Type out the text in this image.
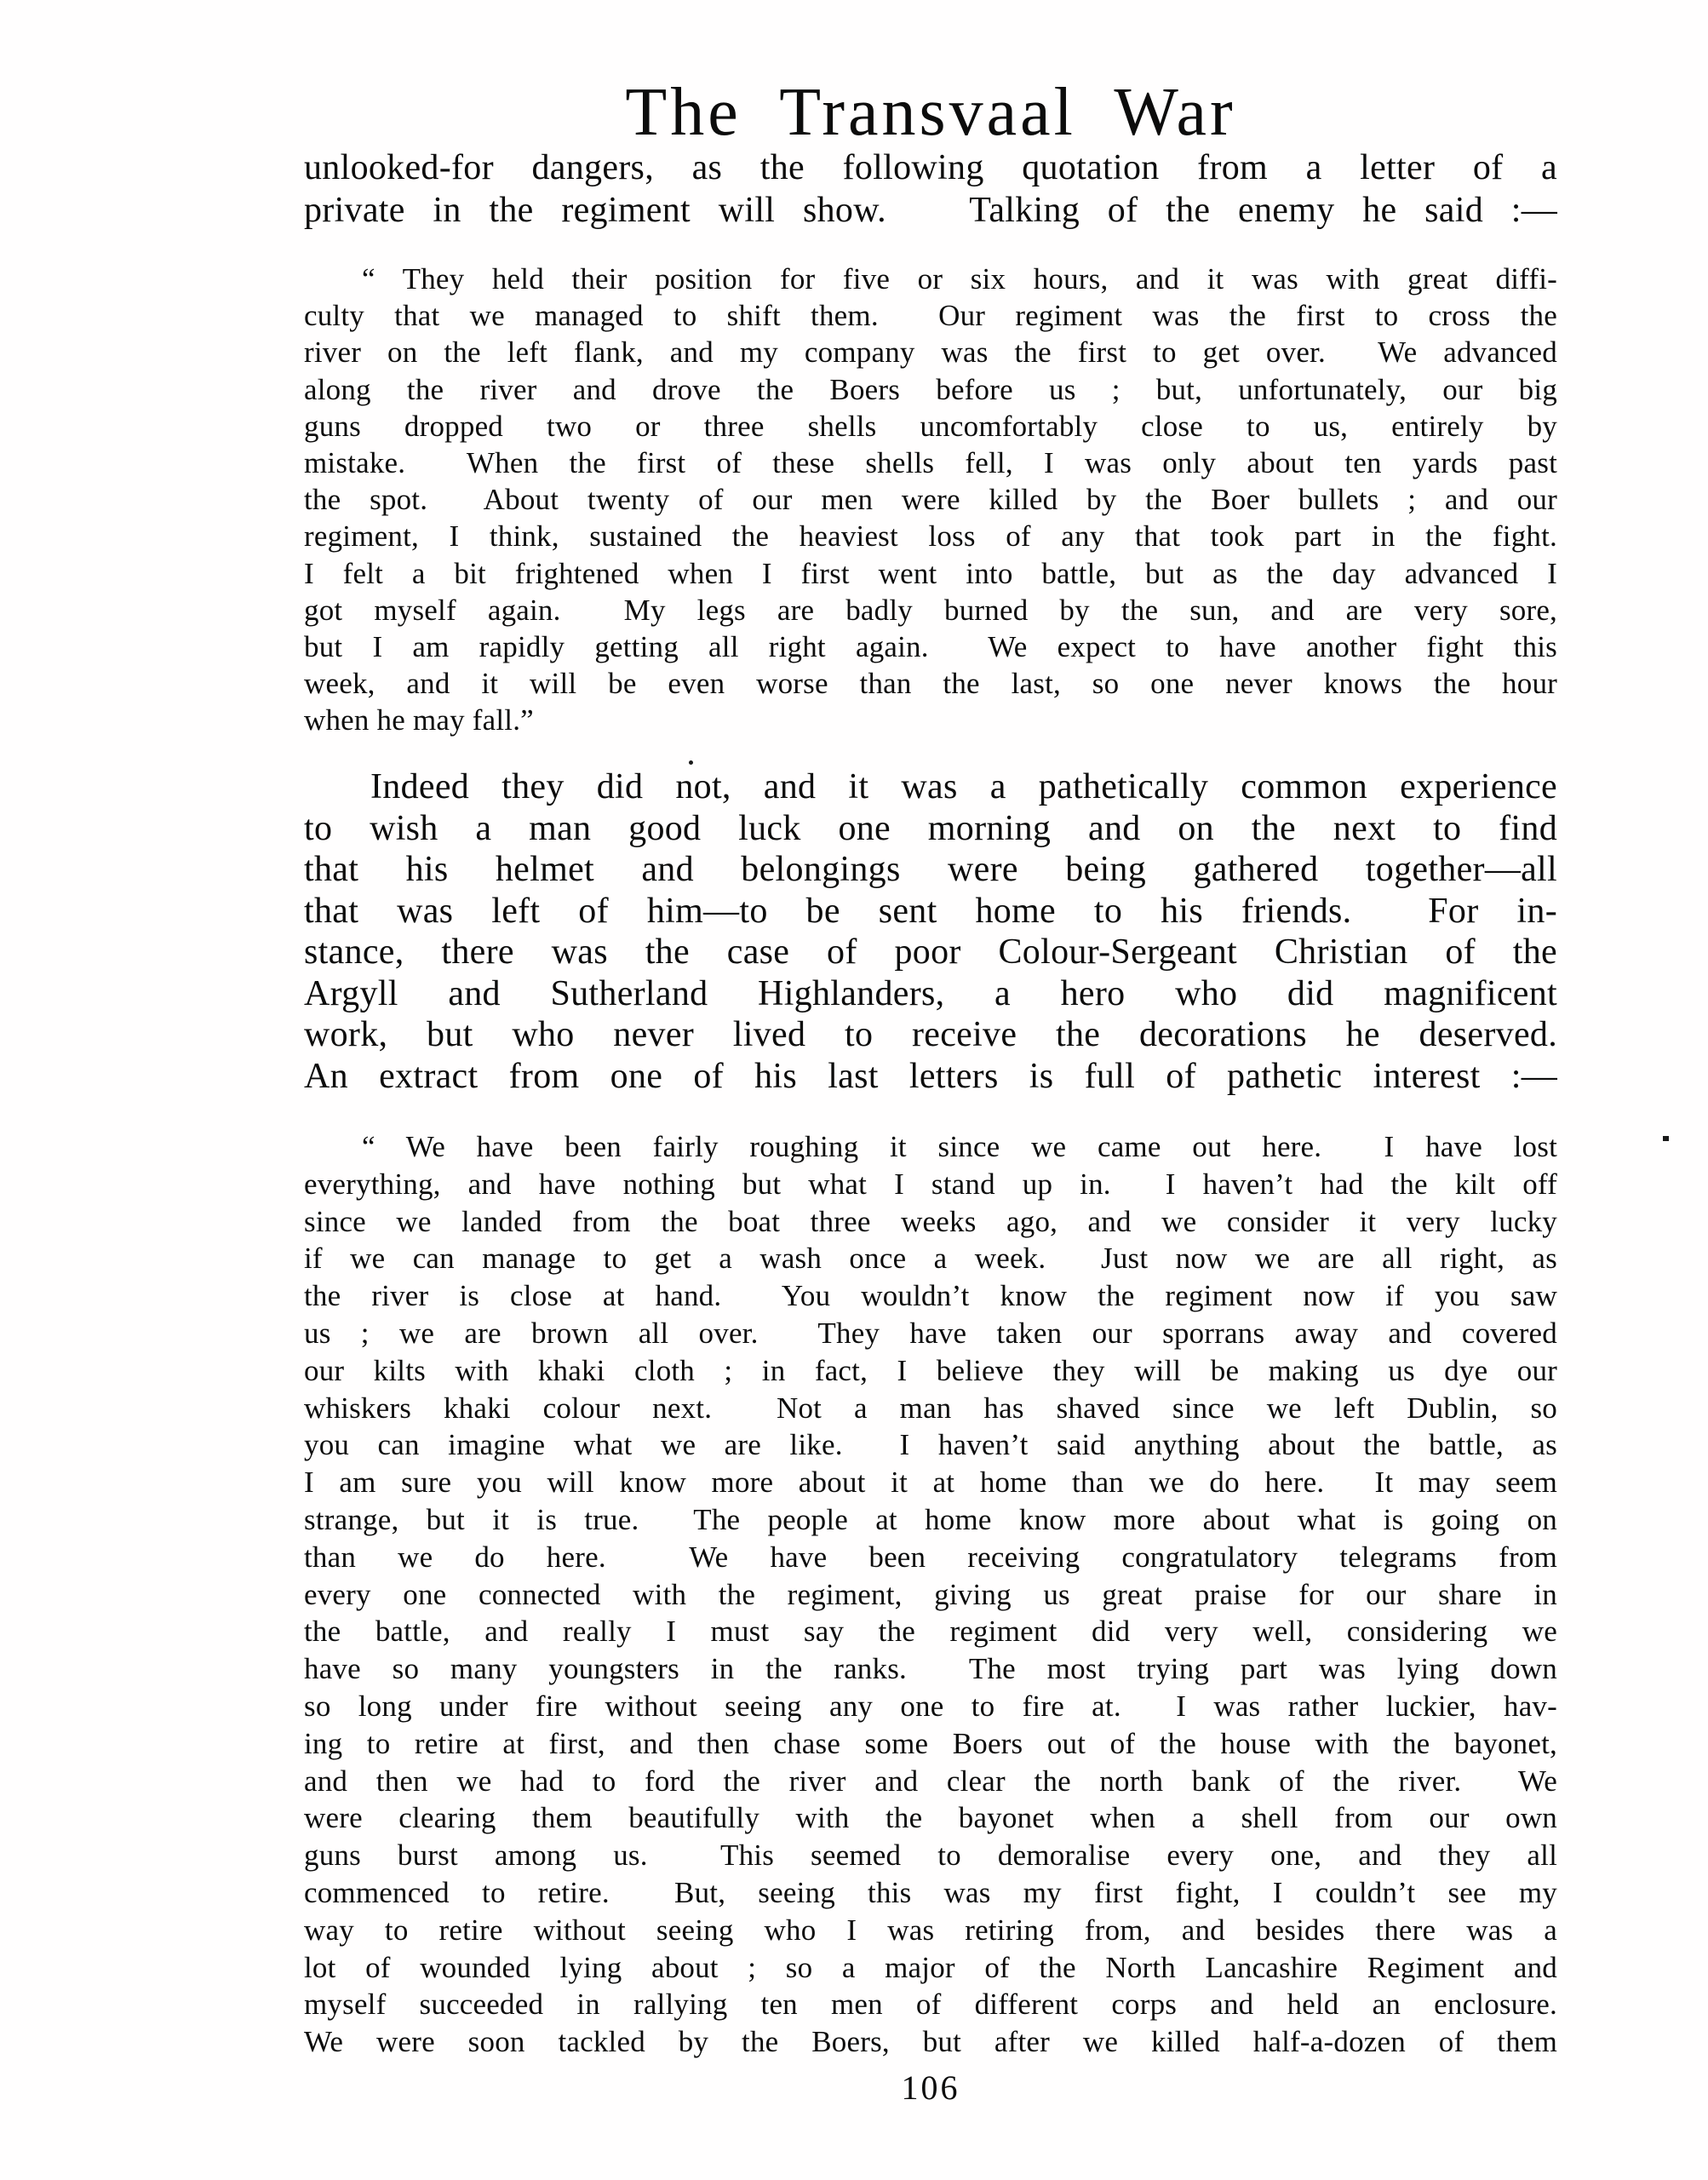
The Transvaal War
unlooked-for dangers, as the following quotation from a letter of a
private in the regiment will show.   Talking of the enemy he said :—
“ They held their position for five or six hours, and it was with great diffi-
culty that we managed to shift them.  Our regiment was the first to cross the
river on the left flank, and my company was the first to get over.  We advanced
along the river and drove the Boers before us ; but, unfortunately, our big
guns dropped two or three shells uncomfortably close to us, entirely by
mistake.  When the first of these shells fell, I was only about ten yards past
the spot.  About twenty of our men were killed by the Boer bullets ; and our
regiment, I think, sustained the heaviest loss of any that took part in the fight.
I felt a bit frightened when I first went into battle, but as the day advanced I
got myself again.  My legs are badly burned by the sun, and are very sore,
but I am rapidly getting all right again.  We expect to have another fight this
week, and it will be even worse than the last, so one never knows the hour
when he may fall.”
Indeed they did not, and it was a pathetically common experience
to wish a man good luck one morning and on the next to find
that his helmet and belongings were being gathered together—all
that was left of him—to be sent home to his friends.  For in-
stance, there was the case of poor Colour-Sergeant Christian of the
Argyll and Sutherland Highlanders, a hero who did magnificent
work, but who never lived to receive the decorations he deserved.
An extract from one of his last letters is full of pathetic interest :—
“ We have been fairly roughing it since we came out here.  I have lost
everything, and have nothing but what I stand up in.  I haven’t had the kilt off
since we landed from the boat three weeks ago, and we consider it very lucky
if we can manage to get a wash once a week.  Just now we are all right, as
the river is close at hand.  You wouldn’t know the regiment now if you saw
us ; we are brown all over.  They have taken our sporrans away and covered
our kilts with khaki cloth ; in fact, I believe they will be making us dye our
whiskers khaki colour next.  Not a man has shaved since we left Dublin, so
you can imagine what we are like.  I haven’t said anything about the battle, as
I am sure you will know more about it at home than we do here.  It may seem
strange, but it is true.  The people at home know more about what is going on
than we do here.  We have been receiving congratulatory telegrams from
every one connected with the regiment, giving us great praise for our share in
the battle, and really I must say the regiment did very well, considering we
have so many youngsters in the ranks.  The most trying part was lying down
so long under fire without seeing any one to fire at.  I was rather luckier, hav-
ing to retire at first, and then chase some Boers out of the house with the bayonet,
and then we had to ford the river and clear the north bank of the river.  We
were clearing them beautifully with the bayonet when a shell from our own
guns burst among us.  This seemed to demoralise every one, and they all
commenced to retire.  But, seeing this was my first fight, I couldn’t see my
way to retire without seeing who I was retiring from, and besides there was a
lot of wounded lying about ; so a major of the North Lancashire Regiment and
myself succeeded in rallying ten men of different corps and held an enclosure.
We were soon tackled by the Boers, but after we killed half-a-dozen of them
106
